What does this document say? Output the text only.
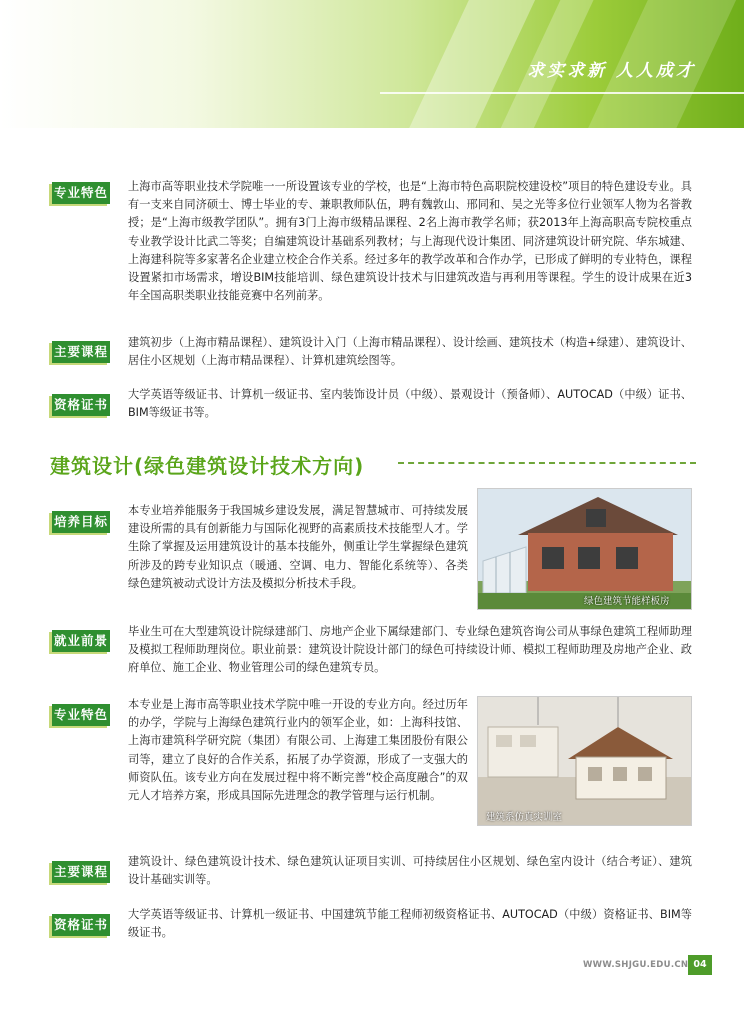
求实求新 人人成才
专业特色 上海市高等职业技术学院唯一一所设置该专业的学校，也是“上海市特色高职院校建设校”项目的特色建设专业。具有一支来自同济硕士、博士毕业的专、兼职教师队伍，聘有魏敦山、邢同和、吴之光等多位行业领军人物为名誉教授；是“上海市级教学团队”。拥有3门上海市级精品课程、2名上海市教学名师；获2013年上海高职高专院校重点专业教学设计比武二等奖；自编建筑设计基础系列教材；与上海现代设计集团、同济建筑设计研究院、华东城建、上海建科院等多家著名企业建立校企合作关系。经过多年的教学改革和合作办学，已形成了鲜明的专业特色，课程设置紧扣市场需求，增设BIM技能培训、绿色建筑设计技术与旧建筑改造与再利用等课程。学生的设计成果在近3年全国高职类职业技能竞赛中名列前茅。

主要课程

建筑初步（上海市精品课程）、建筑设计入门（上海市精品课程）、设计绘画、建筑技术（构造+绿建）、建筑设计、居住小区规划（上海市精品课程）、计算机建筑绘图等。

资格证书

大学英语等级证书、计算机一级证书、室内装饰设计员（中级）、景观设计（预备师）、AUTOCAD（中级）证书、BIM等级证书等。

建筑设计(绿色建筑设计技术方向)
培养目标

本专业培养能服务于我国城乡建设发展，满足智慧城市、可持续发展建设所需的具有创新能力与国际化视野的高素质技术技能型人才。学生除了掌握及运用建筑设计的基本技能外，侧重让学生掌握绿色建筑所涉及的跨专业知识点（暖通、空调、电力、智能化系统等）、各类绿色建筑被动式设计方法及模拟分析技术手段。

绿色建筑节能样板房
就业前景

毕业生可在大型建筑设计院绿建部门、房地产企业下属绿建部门、专业绿色建筑咨询公司从事绿色建筑工程师助理及模拟工程师助理岗位。职业前景：建筑设计院设计部门的绿色可持续设计师、模拟工程师助理及房地产企业、政府单位、施工企业、物业管理公司的绿色建筑专员。

专业特色

本专业是上海市高等职业技术学院中唯一开设的专业方向。经过历年的办学，学院与上海绿色建筑行业内的领军企业，如：上海科技馆、上海市建筑科学研究院（集团）有限公司、上海建工集团股份有限公司等，建立了良好的合作关系，拓展了办学资源，形成了一支强大的师资队伍。该专业方向在发展过程中将不断完善“校企高度融合”的双元人才培养方案，形成具国际先进理念的教学管理与运行机制。

建筑系仿真实训室
主要课程

建筑设计、绿色建筑设计技术、绿色建筑认证项目实训、可持续居住小区规划、绿色室内设计（结合考证）、建筑设计基础实训等。

资格证书

大学英语等级证书、计算机一级证书、中国建筑节能工程师初级资格证书、AUTOCAD（中级）资格证书、BIM等级证书。

WWW.SHJGU.EDU.CN 04
